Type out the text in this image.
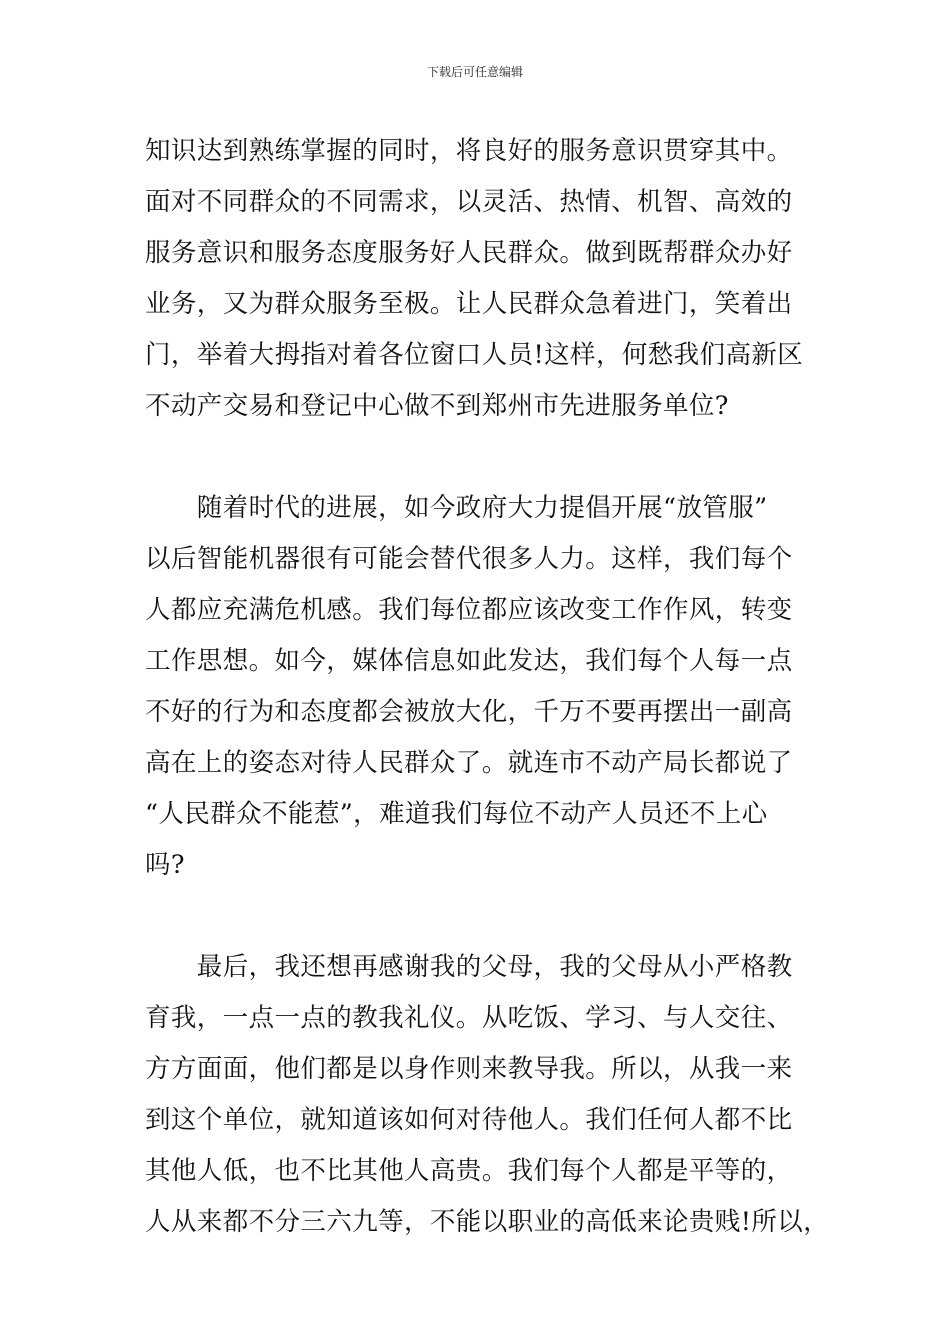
下载后可任意编辑
知识达到熟练掌握的同时，将良好的服务意识贯穿其中。
面对不同群众的不同需求，以灵活、热情、机智、高效的
服务意识和服务态度服务好人民群众。做到既帮群众办好
业务，又为群众服务至极。让人民群众急着进门，笑着出
门，举着大拇指对着各位窗口人员!这样，何愁我们高新区
不动产交易和登记中心做不到郑州市先进服务单位?
　　随着时代的进展，如今政府大力提倡开展“放管服”
以后智能机器很有可能会替代很多人力。这样，我们每个
人都应充满危机感。我们每位都应该改变工作作风，转变
工作思想。如今，媒体信息如此发达，我们每个人每一点
不好的行为和态度都会被放大化，千万不要再摆出一副高
高在上的姿态对待人民群众了。就连市不动产局长都说了
“人民群众不能惹”，难道我们每位不动产人员还不上心
吗?
　　最后，我还想再感谢我的父母，我的父母从小严格教
育我，一点一点的教我礼仪。从吃饭、学习、与人交往、
方方面面，他们都是以身作则来教导我。所以，从我一来
到这个单位，就知道该如何对待他人。我们任何人都不比
其他人低，也不比其他人高贵。我们每个人都是平等的，
人从来都不分三六九等，不能以职业的高低来论贵贱!所以，
